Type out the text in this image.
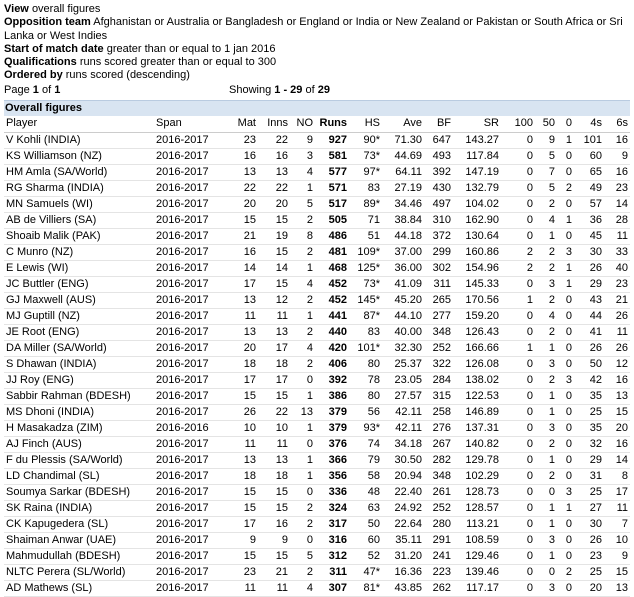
View overall figures
Opposition team Afghanistan or Australia or Bangladesh or England or India or New Zealand or Pakistan or South Africa or Sri Lanka or West Indies
Start of match date greater than or equal to 1 jan 2016
Qualifications runs scored greater than or equal to 300
Ordered by runs scored (descending)
Page 1 of 1	Showing 1 - 29 of 29
Overall figures
Player	Span	Mat	Inns	NO	Runs	HS	Ave	BF	SR	100	50	0	4s	6s
V Kohli (INDIA)	2016-2017	23	22	9	927	90*	71.30	647	143.27	0	9	1	101	16
KS Williamson (NZ)	2016-2017	16	16	3	581	73*	44.69	493	117.84	0	5	0	60	9
HM Amla (SA/World)	2016-2017	13	13	4	577	97*	64.11	392	147.19	0	7	0	65	16
RG Sharma (INDIA)	2016-2017	22	22	1	571	83	27.19	430	132.79	0	5	2	49	23
MN Samuels (WI)	2016-2017	20	20	5	517	89*	34.46	497	104.02	0	2	0	57	14
AB de Villiers (SA)	2016-2017	15	15	2	505	71	38.84	310	162.90	0	4	1	36	28
Shoaib Malik (PAK)	2016-2017	21	19	8	486	51	44.18	372	130.64	0	1	0	45	11
C Munro (NZ)	2016-2017	16	15	2	481	109*	37.00	299	160.86	2	2	3	30	33
E Lewis (WI)	2016-2017	14	14	1	468	125*	36.00	302	154.96	2	2	1	26	40
JC Buttler (ENG)	2016-2017	17	15	4	452	73*	41.09	311	145.33	0	3	1	29	23
GJ Maxwell (AUS)	2016-2017	13	12	2	452	145*	45.20	265	170.56	1	2	0	43	21
MJ Guptill (NZ)	2016-2017	11	11	1	441	87*	44.10	277	159.20	0	4	0	44	26
JE Root (ENG)	2016-2017	13	13	2	440	83	40.00	348	126.43	0	2	0	41	11
DA Miller (SA/World)	2016-2017	20	17	4	420	101*	32.30	252	166.66	1	1	0	26	26
S Dhawan (INDIA)	2016-2017	18	18	2	406	80	25.37	322	126.08	0	3	0	50	12
JJ Roy (ENG)	2016-2017	17	17	0	392	78	23.05	284	138.02	0	2	3	42	16
Sabbir Rahman (BDESH)	2016-2017	15	15	1	386	80	27.57	315	122.53	0	1	0	35	13
MS Dhoni (INDIA)	2016-2017	26	22	13	379	56	42.11	258	146.89	0	1	0	25	15
H Masakadza (ZIM)	2016-2016	10	10	1	379	93*	42.11	276	137.31	0	3	0	35	20
AJ Finch (AUS)	2016-2017	11	11	0	376	74	34.18	267	140.82	0	2	0	32	16
F du Plessis (SA/World)	2016-2017	13	13	1	366	79	30.50	282	129.78	0	1	0	29	14
LD Chandimal (SL)	2016-2017	18	18	1	356	58	20.94	348	102.29	0	2	0	31	8
Soumya Sarkar (BDESH)	2016-2017	15	15	0	336	48	22.40	261	128.73	0	0	3	25	17
SK Raina (INDIA)	2016-2017	15	15	2	324	63	24.92	252	128.57	0	1	1	27	11
CK Kapugedera (SL)	2016-2017	17	16	2	317	50	22.64	280	113.21	0	1	0	30	7
Shaiman Anwar (UAE)	2016-2017	9	9	0	316	60	35.11	291	108.59	0	3	0	26	10
Mahmudullah (BDESH)	2016-2017	15	15	5	312	52	31.20	241	129.46	0	1	0	23	9
NLTC Perera (SL/World)	2016-2017	23	21	2	311	47*	16.36	223	139.46	0	0	2	25	15
AD Mathews (SL)	2016-2017	11	11	4	307	81*	43.85	262	117.17	0	3	0	20	13
